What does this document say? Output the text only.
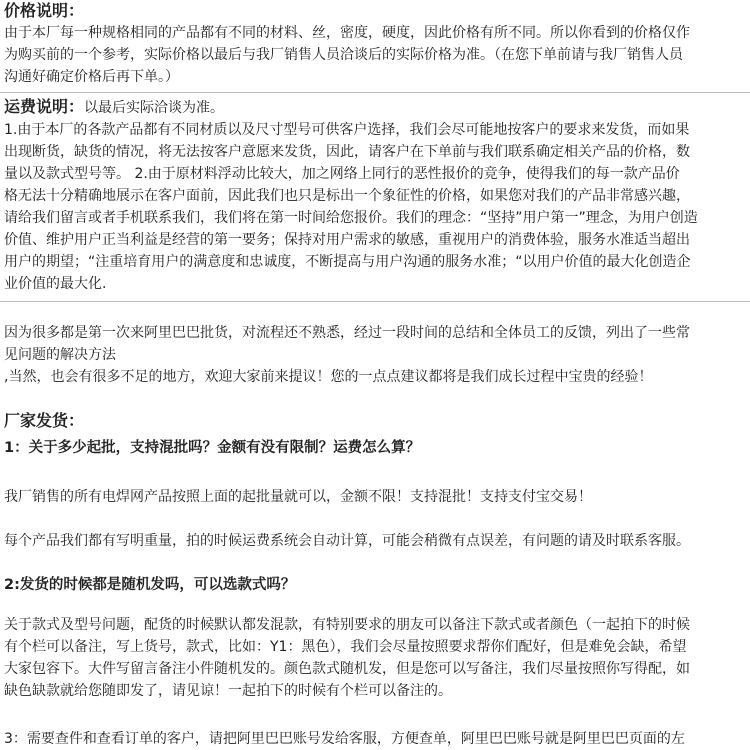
价格说明：
由于本厂每一种规格相同的产品都有不同的材料、丝，密度，硬度，因此价格有所不同。所以你看到的价格仅作
为购买前的一个参考，实际价格以最后与我厂销售人员洽谈后的实际价格为准。（在您下单前请与我厂销售人员
沟通好确定价格后再下单。）
运费说明：以最后实际洽谈为准。
1.由于本厂的各款产品都有不同材质以及尺寸型号可供客户选择，我们会尽可能地按客户的要求来发货，而如果
出现断货，缺货的情况，将无法按客户意愿来发货，因此，请客户在下单前与我们联系确定相关产品的价格，数
量以及款式型号等。 2.由于原材料浮动比较大，加之网络上同行的恶性报价的竞争，使得我们的每一款产品价
格无法十分精确地展示在客户面前，因此我们也只是标出一个象征性的价格，如果您对我们的产品非常感兴趣，
请给我们留言或者手机联系我们，我们将在第一时间给您报价。我们的理念：“坚持”用户第一”理念，为用户创造
价值、维护用户正当利益是经营的第一要务；保持对用户需求的敏感，重视用户的消费体验，服务水准适当超出
用户的期望；“注重培育用户的满意度和忠诚度，不断提高与用户沟通的服务水准；“以用户价值的最大化创造企
业价值的最大化.
因为很多都是第一次来阿里巴巴批货，对流程还不熟悉，经过一段时间的总结和全体员工的反馈，列出了一些常
见问题的解决方法
,当然，也会有很多不足的地方，欢迎大家前来提议！您的一点点建议都将是我们成长过程中宝贵的经验！
厂家发货：
1：关于多少起批，支持混批吗？金额有没有限制？运费怎么算？
我厂销售的所有电焊网产品按照上面的起批量就可以，金额不限！支持混批！支持支付宝交易！
每个产品我们都有写明重量，拍的时候运费系统会自动计算，可能会稍微有点误差，有问题的请及时联系客服。
2:发货的时候都是随机发吗，可以选款式吗？
关于款式及型号问题，配货的时候默认都发混款，有特别要求的朋友可以备注下款式或者颜色（一起拍下的时候
有个栏可以备注，写上货号，款式，比如：Y1：黑色），我们会尽量按照要求帮你们配好，但是难免会缺，希望
大家包容下。大件写留言备注小件随机发的。颜色款式随机发，但是您可以写备注，我们尽量按照你写得配，如
缺色缺款就给您随即发了，请见谅！一起拍下的时候有个栏可以备注的。
3：需要查件和查看订单的客户，请把阿里巴巴账号发给客服，方便查单，阿里巴巴账号就是阿里巴巴页面的左
